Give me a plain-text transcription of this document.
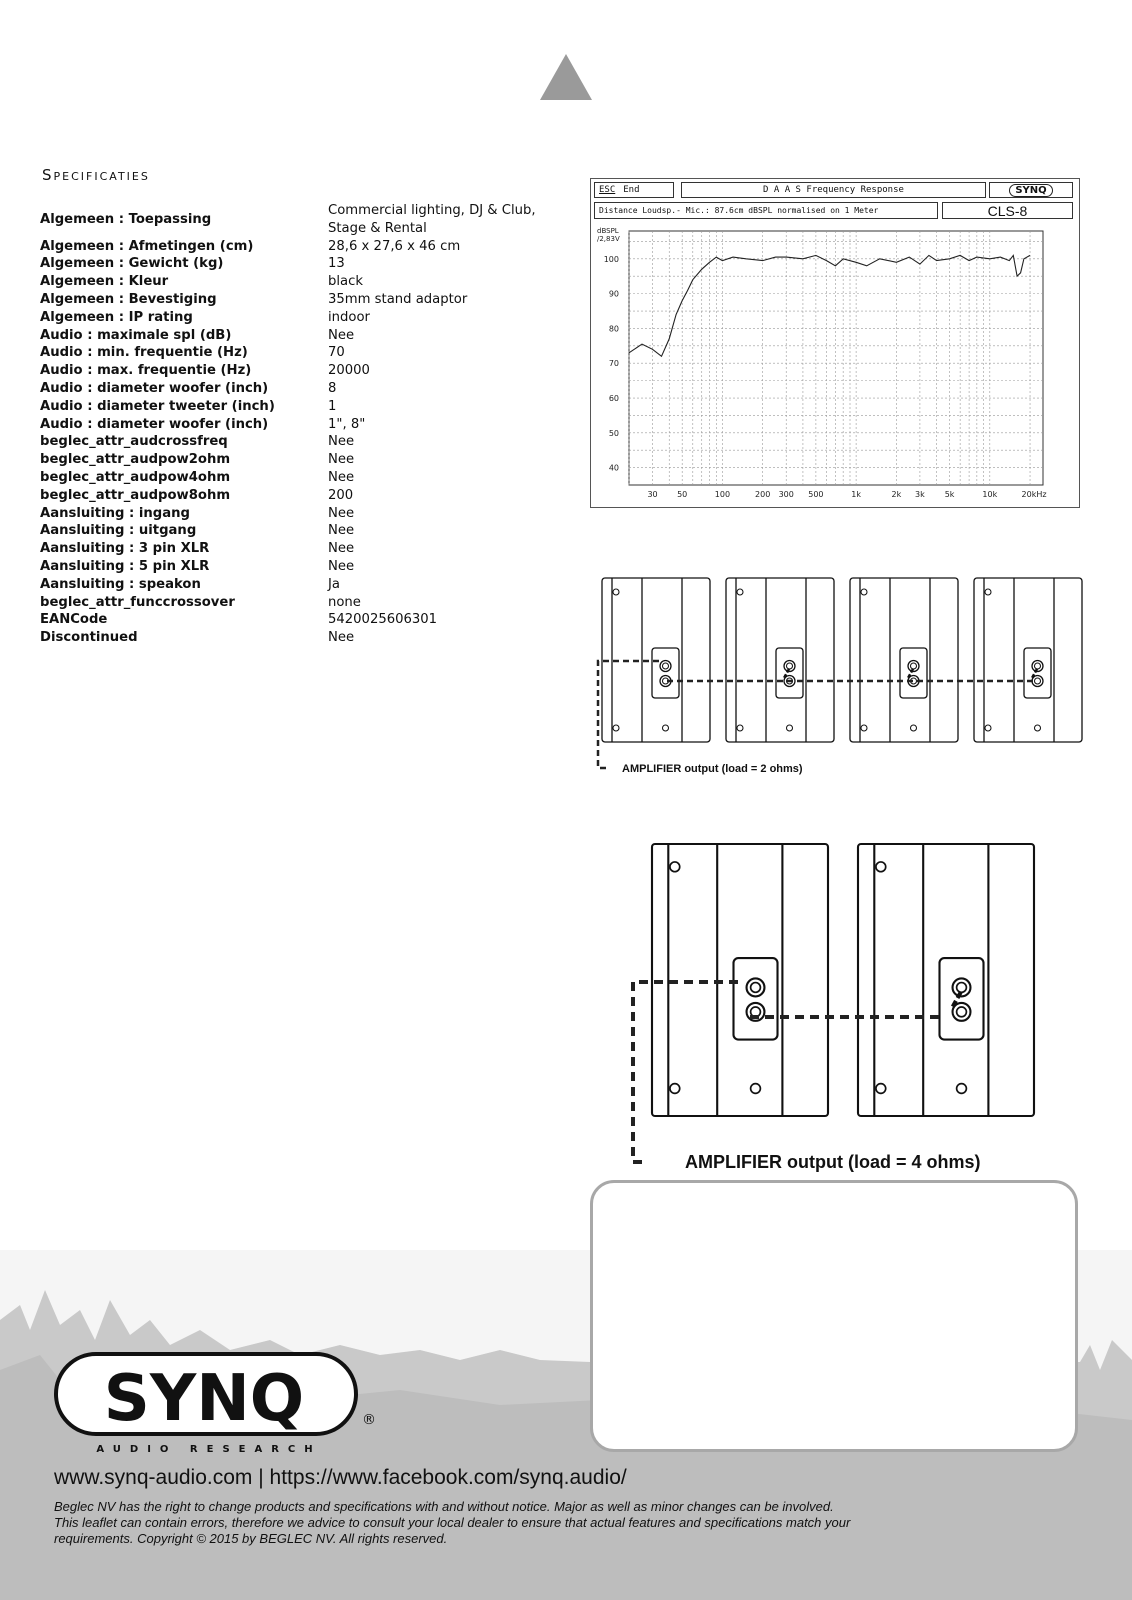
Specificaties
Algemeen : Toepassing	Commercial lighting, DJ & Club, Stage & Rental
Algemeen : Afmetingen (cm)	28,6 x 27,6 x 46 cm
Algemeen : Gewicht (kg)	13
Algemeen : Kleur	black
Algemeen : Bevestiging	35mm stand adaptor
Algemeen : IP rating	indoor
Audio : maximale spl (dB)	Nee
Audio : min. frequentie (Hz)	70
Audio : max. frequentie (Hz)	20000
Audio : diameter woofer (inch)	8
Audio : diameter tweeter (inch)	1
Audio : diameter woofer (inch)	1", 8"
beglec_attr_audcrossfreq	Nee
beglec_attr_audpow2ohm	Nee
beglec_attr_audpow4ohm	Nee
beglec_attr_audpow8ohm	200
Aansluiting : ingang	Nee
Aansluiting : uitgang	Nee
Aansluiting : 3 pin XLR	Nee
Aansluiting : 5 pin XLR	Nee
Aansluiting : speakon	Ja
beglec_attr_funccrossover	none
EANCode	5420025606301
Discontinued	Nee
ESC End	D A A S Frequency Response	SYNQ
Distance Loudsp.- Mic.: 87.6cm dBSPL normalised on 1 Meter	CLS-8
100
90
80
70
60
50
40
dBSPL
/2,83V
30 50	100	200 300 500	1k	2k 3k 5k	10k	20kHz
AMPLIFIER output (load = 2 ohms)
AMPLIFIER output (load = 4 ohms)
SYNQ	®
AUDIO RESEARCH
www.synq-audio.com | https://www.facebook.com/synq.audio/
Beglec NV has the right to change products and specifications with and without notice. Major as well as minor changes can be involved.
This leaflet can contain errors, therefore we advice to consult your local dealer to ensure that actual features and specifications match your
requirements. Copyright © 2015 by BEGLEC NV. All rights reserved.
